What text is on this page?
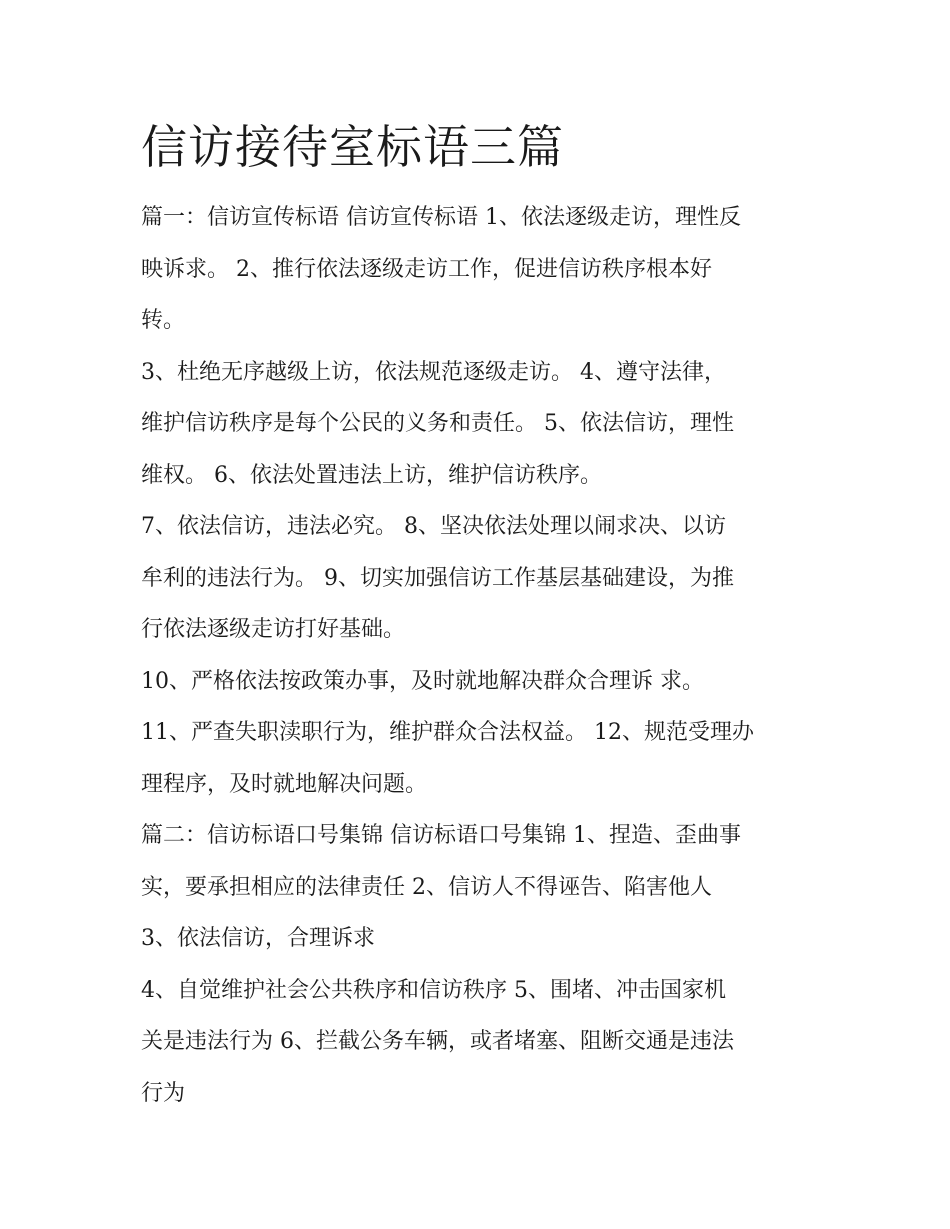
信访接待室标语三篇

篇一：信访宣传标语 信访宣传标语 1、依法逐级走访，理性反

映诉求。 2、推行依法逐级走访工作，促进信访秩序根本好

转。

3、杜绝无序越级上访，依法规范逐级走访。 4、遵守法律，

维护信访秩序是每个公民的义务和责任。 5、依法信访，理性

维权。 6、依法处置违法上访，维护信访秩序。

7、依法信访，违法必究。 8、坚决依法处理以闹求决、以访

牟利的违法行为。 9、切实加强信访工作基层基础建设，为推

行依法逐级走访打好基础。

10、严格依法按政策办事，及时就地解决群众合理诉 求。

11、严查失职渎职行为，维护群众合法权益。 12、规范受理办

理程序，及时就地解决问题。

篇二：信访标语口号集锦 信访标语口号集锦 1、捏造、歪曲事

实，要承担相应的法律责任 2、信访人不得诬告、陷害他人

3、依法信访，合理诉求

4、自觉维护社会公共秩序和信访秩序 5、围堵、冲击国家机

关是违法行为 6、拦截公务车辆，或者堵塞、阻断交通是违法

行为
